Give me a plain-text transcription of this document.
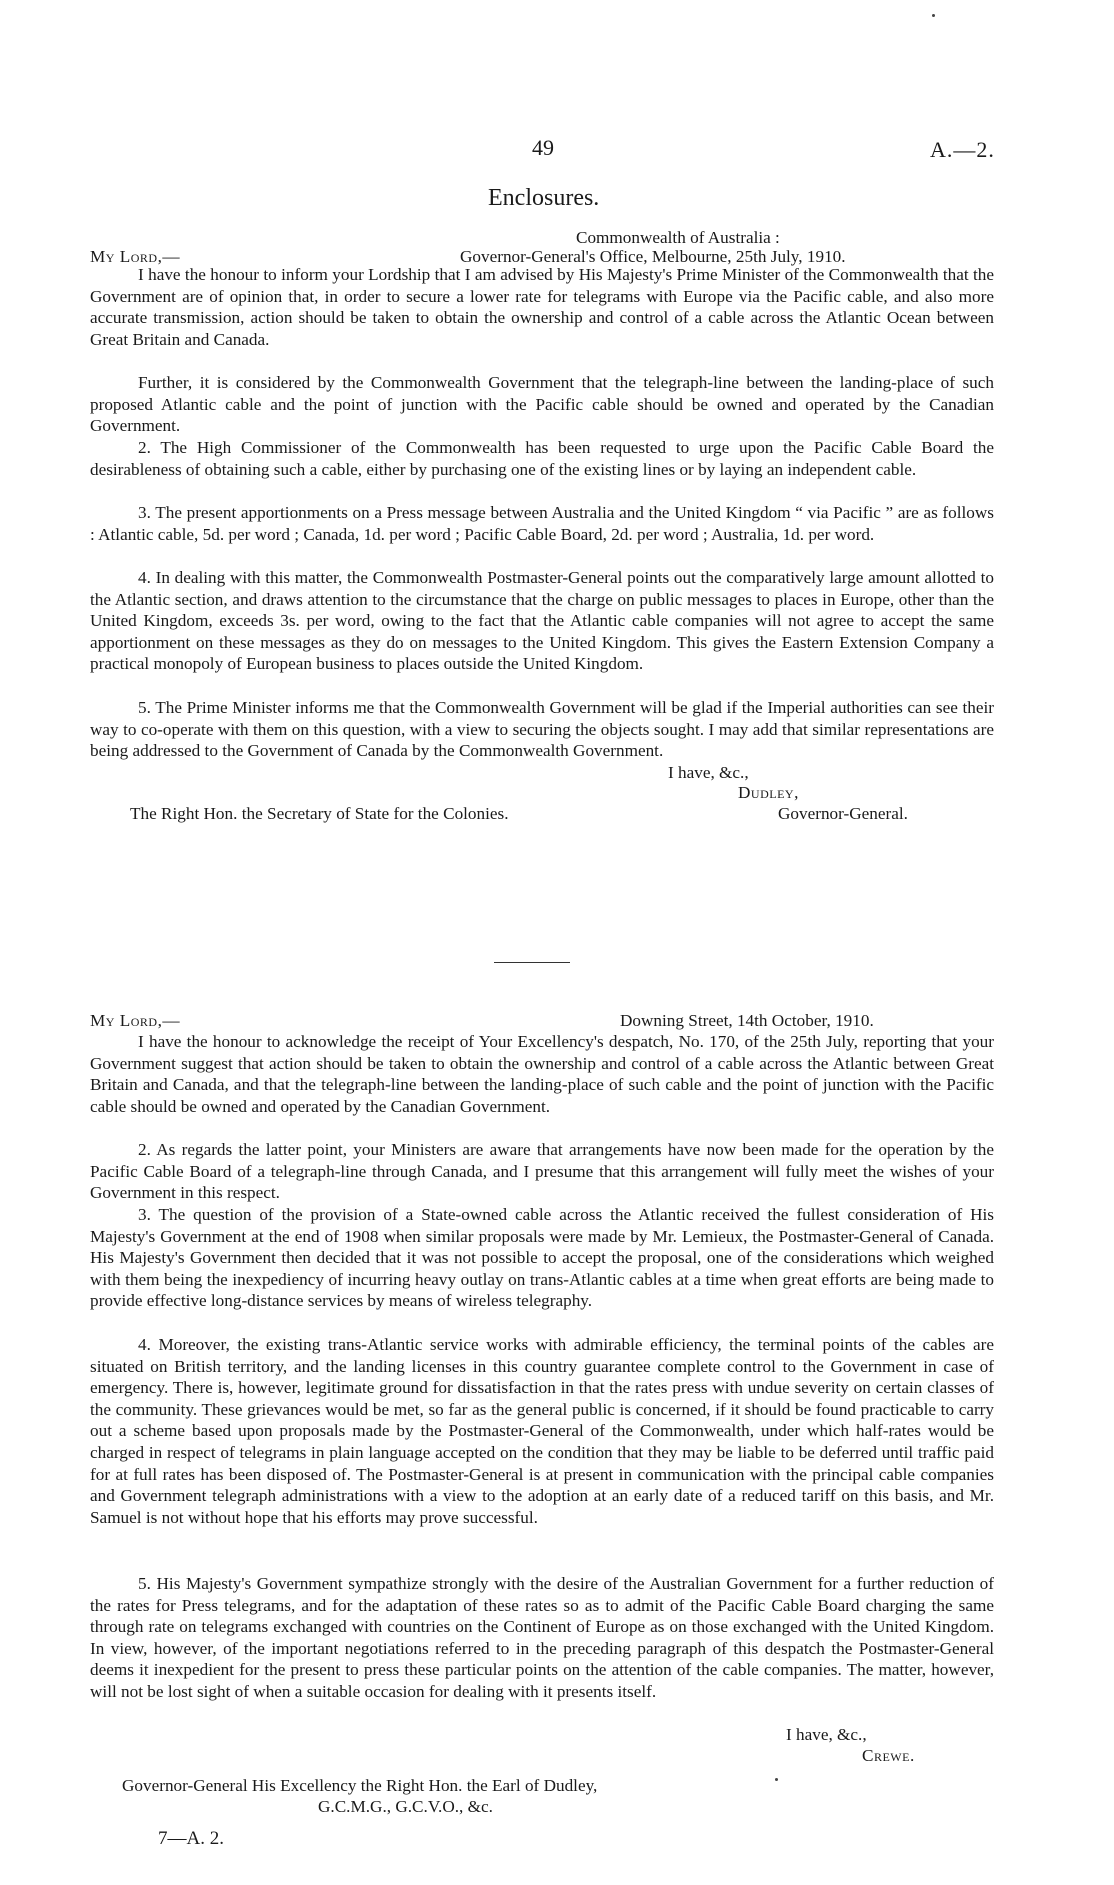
49	A.—2.
Enclosures.
Commonwealth of Australia :
My Lord,—	Governor-General's Office, Melbourne, 25th July, 1910.
I have the honour to inform your Lordship that I am advised by His Majesty's Prime Minister of the Commonwealth that the Government are of opinion that, in order to secure a lower rate for telegrams with Europe via the Pacific cable, and also more accurate transmission, action should be taken to obtain the ownership and control of a cable across the Atlantic Ocean between Great Britain and Canada.
Further, it is considered by the Commonwealth Government that the telegraph-line between the landing-place of such proposed Atlantic cable and the point of junction with the Pacific cable should be owned and operated by the Canadian Government.
2. The High Commissioner of the Commonwealth has been requested to urge upon the Pacific Cable Board the desirableness of obtaining such a cable, either by purchasing one of the existing lines or by laying an independent cable.
3. The present apportionments on a Press message between Australia and the United Kingdom “ via Pacific ” are as follows : Atlantic cable, 5d. per word ; Canada, 1d. per word ; Pacific Cable Board, 2d. per word ; Australia, 1d. per word.
4. In dealing with this matter, the Commonwealth Postmaster-General points out the comparatively large amount allotted to the Atlantic section, and draws attention to the circumstance that the charge on public messages to places in Europe, other than the United Kingdom, exceeds 3s. per word, owing to the fact that the Atlantic cable companies will not agree to accept the same apportionment on these messages as they do on messages to the United Kingdom. This gives the Eastern Extension Company a practical monopoly of European business to places outside the United Kingdom.
5. The Prime Minister informs me that the Commonwealth Government will be glad if the Imperial authorities can see their way to co-operate with them on this question, with a view to securing the objects sought. I may add that similar representations are being addressed to the Government of Canada by the Commonwealth Government.
I have, &c.,
Dudley,
The Right Hon. the Secretary of State for the Colonies.	Governor-General.
My Lord,—	Downing Street, 14th October, 1910.
I have the honour to acknowledge the receipt of Your Excellency's despatch, No. 170, of the 25th July, reporting that your Government suggest that action should be taken to obtain the ownership and control of a cable across the Atlantic between Great Britain and Canada, and that the telegraph-line between the landing-place of such cable and the point of junction with the Pacific cable should be owned and operated by the Canadian Government.
2. As regards the latter point, your Ministers are aware that arrangements have now been made for the operation by the Pacific Cable Board of a telegraph-line through Canada, and I presume that this arrangement will fully meet the wishes of your Government in this respect.
3. The question of the provision of a State-owned cable across the Atlantic received the fullest consideration of His Majesty's Government at the end of 1908 when similar proposals were made by Mr. Lemieux, the Postmaster-General of Canada. His Majesty's Government then decided that it was not possible to accept the proposal, one of the considerations which weighed with them being the inexpediency of incurring heavy outlay on trans-Atlantic cables at a time when great efforts are being made to provide effective long-distance services by means of wireless telegraphy.
4. Moreover, the existing trans-Atlantic service works with admirable efficiency, the terminal points of the cables are situated on British territory, and the landing licenses in this country guarantee complete control to the Government in case of emergency. There is, however, legitimate ground for dissatisfaction in that the rates press with undue severity on certain classes of the community. These grievances would be met, so far as the general public is concerned, if it should be found practicable to carry out a scheme based upon proposals made by the Postmaster-General of the Commonwealth, under which half-rates would be charged in respect of telegrams in plain language accepted on the condition that they may be liable to be deferred until traffic paid for at full rates has been disposed of. The Postmaster-General is at present in communication with the principal cable companies and Government telegraph administrations with a view to the adoption at an early date of a reduced tariff on this basis, and Mr. Samuel is not without hope that his efforts may prove successful.
5. His Majesty's Government sympathize strongly with the desire of the Australian Government for a further reduction of the rates for Press telegrams, and for the adaptation of these rates so as to admit of the Pacific Cable Board charging the same through rate on telegrams exchanged with countries on the Continent of Europe as on those exchanged with the United Kingdom. In view, however, of the important negotiations referred to in the preceding paragraph of this despatch the Postmaster-General deems it inexpedient for the present to press these particular points on the attention of the cable companies. The matter, however, will not be lost sight of when a suitable occasion for dealing with it presents itself.
I have, &c.,
Crewe.
Governor-General His Excellency the Right Hon. the Earl of Dudley,
G.C.M.G., G.C.V.O., &c.
7—A. 2.
